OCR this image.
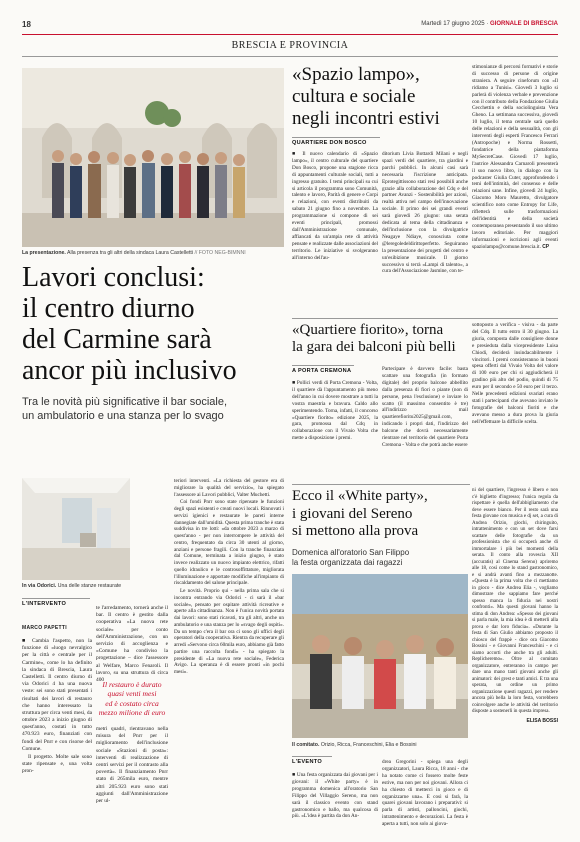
18	Martedì 17 giugno 2025 · GIORNALE DI BRESCIA
BRESCIA E PROVINCIA
La presentazione. Alla presenza tra gli altri della sindaca Laura Castelletti // FOTO NEG-BIMNNI
Lavori conclusi:
il centro diurno
del Carmine sarà
ancor più inclusivo
Tra le novità più significative il bar sociale,
un ambulatorio e una stanza per lo svago
In via Odorici. Una delle stanze restaurate
L'INTERVENTO
MARCO PAPETTI

■ Cambia l'aspetto, non la funzione di «luogo nevralgico per la città e centrale per il Carmine», come lo ha definito la sindaca di Brescia, Laura Castelletti. Il centro diurno di via Odorici 4 ha una nuova veste: sei sono stati presentati i risultati dei lavori di restauro che hanno interessato la struttura per circa venti mesi, da ottobre 2023 a inizio giugno di quest'anno, costati in tutto 470.923 euro, finanziati con fondi del Pnrr e con risorse del Comune.

Il progetto. Molte sale sono state ripensate e, una volta pron-

te l'arredamento, tornerà anche il bar. Il centro è gestito dalla cooperativa «La nuova rete sociale» per conto dell'Amministrazione, con un servizio di accoglienza e «Comune ha condiviso la progettazione – dice l'assessore al Welfare, Marco Fenaroli. Il lavoro, su una struttura di circa 400
Il restauro è durato
quasi venti mesi
ed è costato circa
mezzo milione di euro
metri quadri, rientravano nella misura del Pnrr per il miglioramento dell'inclusione sociale «Stazioni di posta»: interventi di realizzazione di centri servizi per il contrasto alla povertà». Il finanziamento Pnrr stato di 265mila euro, mentre altri 205.923 euro sono stati aggiunti dall'Amministrazione per ul-

teriori interventi. «La richiesta del gestore era di migliorare la qualità del servizio», ha spiegato l'assessore ai Lavori pubblici, Valter Muchetti.

Coi fondi Pnrr sono state ripensate le funzioni degli spazi esistenti e creati nuovi locali. Rinnovati i servizi igienici e restaurate le pareti interne dannegiate dall'umidità. Questa prima tranche è stata suddivisa in tre lotti: «da ottobre 2023 a marzo di quest'anno - per non interrompere le attività del centro, frequentato da circa 30 utenti al giorno, anziani e persone fragili. Con la tranche finanziata dal Comune, terminata a inizio giugno, è stato invece realizzato un nuovo impianto elettrico, rifatti quello idraulico e le controsoffittature, migliorata l'illuminazione e apportate modifiche all'impianto di riscaldamento del salone principale.

Le novità. Proprio qui - nella prima sala che si incontra entrando via Odorici - ci sarà il «bar sociale», pensato per ospitare attività ricreative e aperte alla cittadinanza. Non è l'unica novità portata dai lavori: sono stati ricavati, tra gli altri, anche un ambulatorio e una stanza per lo «svago degli ospiti». Da un tempo c'era il bar ora ci sono gli uffici degli operatori della cooperativa. Rientra da recuperare gli arredi «Servono circa 60mila euro, abbiamo già fatto partire una raccolta fondi» - ha spiegato la presidente di «La nuova rete sociale», Federica Avigo. La speranza è di essere pronti «in pochi mesi».

«Spazio lampo»,
cultura e sociale
negli incontri estivi
QUARTIERE DON BOSCO
■ Il nuovo calendario di «Spazio lampo», il centro culturale del quartiere Don Bosco, propone una stagione ricca di appuntamenti culturale sociali, tutti a ingresso gratuito. I temi principali su cui si articola il programma sono Comunità, talento e lavoro, Parità di genere e Corpi e relazioni, con eventi distribuiti da sabato 21 giugno fino a novembre. La programmazione si compone di sei eventi principali, promossi dall'Amministrazione comunale, affiancati da un'ampia rete di attività pensate e realizzate dalle associazioni del territorio. Le iniziative si svolgeranno all'interno dell'au-
ditorium Livia Bottardi Milani e negli spazi verdi del quartiere, tra giardini e parchi pubblici. In alcuni casi sarà necessaria l'iscrizione anticipata. Eprotegittissono stati resi possibili anche grazie alla collaborazione del Cdq e del partner Avanzi - Sostenibilità per azioni, realtà attiva nel campo dell'innovazione sociale. Il primo dei sei grandi eventi sarà giovedì 26 giugno: una serata dedicata al tema della cittadinanza e dell'inclusione con la divulgatrice Neagaye Ndiaye, conosciuta come @leregoledeldirittoperfetto. Seguiranno la presentazione dei progetti del centro e un'esibizione musicale. Il giorno successivo si terrà «Lampi di talento», a cura dell'Associazione Jasmine, con te-
stimonianze di percorsi formativi e storie di successo di persone di origine straniera. A seguire cineforum con «Il ridiamo a Tunisi». Giovedì 3 luglio si parlerà di violenza verbale e prevenzione con il contributo della Fondazione Giulia Cecchettin e della sociolinguista Vera Gheno. La settimana successiva, giovedì 10 luglio, il tema centrale sarà quello delle relazioni e della sessualità, con gli interventi degli esperti Francesco Ferrari (Antropoche) e Norma Rossetti, fondatrice della piattaforma MySecretCase. Giovedì 17 luglio, l'autrice Alessandra Carnaroli presenterà il suo nuovo libro, in dialogo con la podcaster Giulia Cuter, approfondendo i temi dell'intimità, del consenso e delle relazioni sane. Infine, giovedì 24 luglio, Giacomo Moro Mauretto, divulgatore scientifico noto come Entropy for Life, rifletterà sulle trasformazioni dell'identità e della società contemporanea presentando il suo ultimo lavoro editoriale. Per maggiori informazioni e iscrizioni agli eventi spaziolampo@comune.brescia.it. CP
«Quartiere fiorito», torna
la gara dei balconi più belli
A PORTA CREMONA
■ Pollici verdi di Porta Cremona - Volta, il quartiere dà l'appuntamento più meno dell'anno in cui dovere mostrare a tutti la vostra maestria e bravura. Caldo allo sperimentendo. Torna, infatti, il concorso «Quartiere fiorito» edizione 2025, la gara, promossa dal Cdq in collaborazione con il Vivaio Volta che mette a disposizione i premi.
Partecipare è davvero facile: basta scattare una fotografia (in formato digitale) del proprio balcone abbellito dalla presenza di fiori o piante (non di persone, pena l'esclusione) e inviare lo scatto (il massimo consentito è tre) all'indirizzo mail quartierefiorito2025@gmail.com, indicando i propri dati, l'indirizzo del balcone che dovrà necessariamente rientrare nel territorio del quartiere Porta Cremona - Volta e che potrà anche essere
sottoposto a verifica - visiva - da parte del Cdq. Il tutto entro il 30 giugno. La giuria, composta dalle consigliere donne e presieduta dalla vicepresidente Luisa Chiodi, deciderà insindacabilmente i vincitori. I premi consisteranno in buoni spesa offerti dal Vivaio Volta del valore di 100 euro per chi si aggiudicherà il gradino più alto del podio, quindi di 75 euro per il secondo e 50 euro per il terzo. Nelle precedenti edizioni svariati erano stati i partecipanti che avevano inviato le fotografie del balconi fioriti e che avevano messo a dura prova la giuria nell'effettuare la difficile scelta.
Ecco il «White party»,
i giovani del Sereno
si mettono alla prova
Domenica all'oratorio San Filippo
la festa organizzata dai ragazzi
Il comitato. Orizio, Ricca, Franceschini, Elia e Bossini
L'EVENTO
■ Una festa organizzata dai giovani per i giovani: il «White party» è in programma domenica all'oratorio San Filippo del Villaggio Sereno, ma non sarà il classico evento con stand gastronomico e ballo, ma qualcosa di più. «L'idea è partita da don An-
drea Gregorini - spiega una degli organizzatori, Laura Ricca, 18 anni - che ha notato come ci fossero molte feste estive, ma non per noi giovani. Allora ci ha chiesto di metterci in gioco e di organizzarne una». E così si farà, la quarei giovani lavorano i preparativi: si parla di artisti, palloncini, giochi, intrattenimento e decorazioni. La festa è aperta a tutti, non solo ai giova-
ni del quartiere, l'ingresso è libero e non c'è biglietto d'ingresso; l'unica regola da rispettare è quella dell'abbigliamento che deve essere bianco. Per il resto sarà una festa giovane con musica e dj set, a cura di Andrea Orizio, giochi, chiringuito, intrattenimento e con un set dove farsi scattare delle fotografie da un professionista che si occuperà anche di immortalare i più bei momenti della serata. Il conto alla rovescia XII (accuratis) al Cinema Sereno) apriremo alle 18, così come lo stand gastronomico, e si andrà avanti fino a mezzanotte. «Questa è la prima volta che ci mettiamo in gioco - dice Andrea Elia -, vogliamo dimostrare che sappiamo fare perché spesso manca la fiducia nei nostri confronti». Ma questi giovani hanno la stima di don Andrea: «Spesso dei giovani si parla male, la mia idea è di metterli alla prova e dar loro fiducia». «Durante la festa di San Giulio abbiamo proposto il chiosco del frappè - dice ora Giacomo Bossini - e Giovanni Franceschini - e ci siamo accorti che anche tra gli adulti. Replicheremo». Oltre al comitato organizzatore, entreranno in campo per dare una mano tanti giovani anche gli animatori: dei grest e tanti amici. E tra una sperata, un ordine un primo organizzazione questi ragazzi, per rendere ancora più bella la loro festa, vorrebbero coinvolgere anche le attività del territorio disposte a sostenerli in questa impresa.
ELISA BOSSI
